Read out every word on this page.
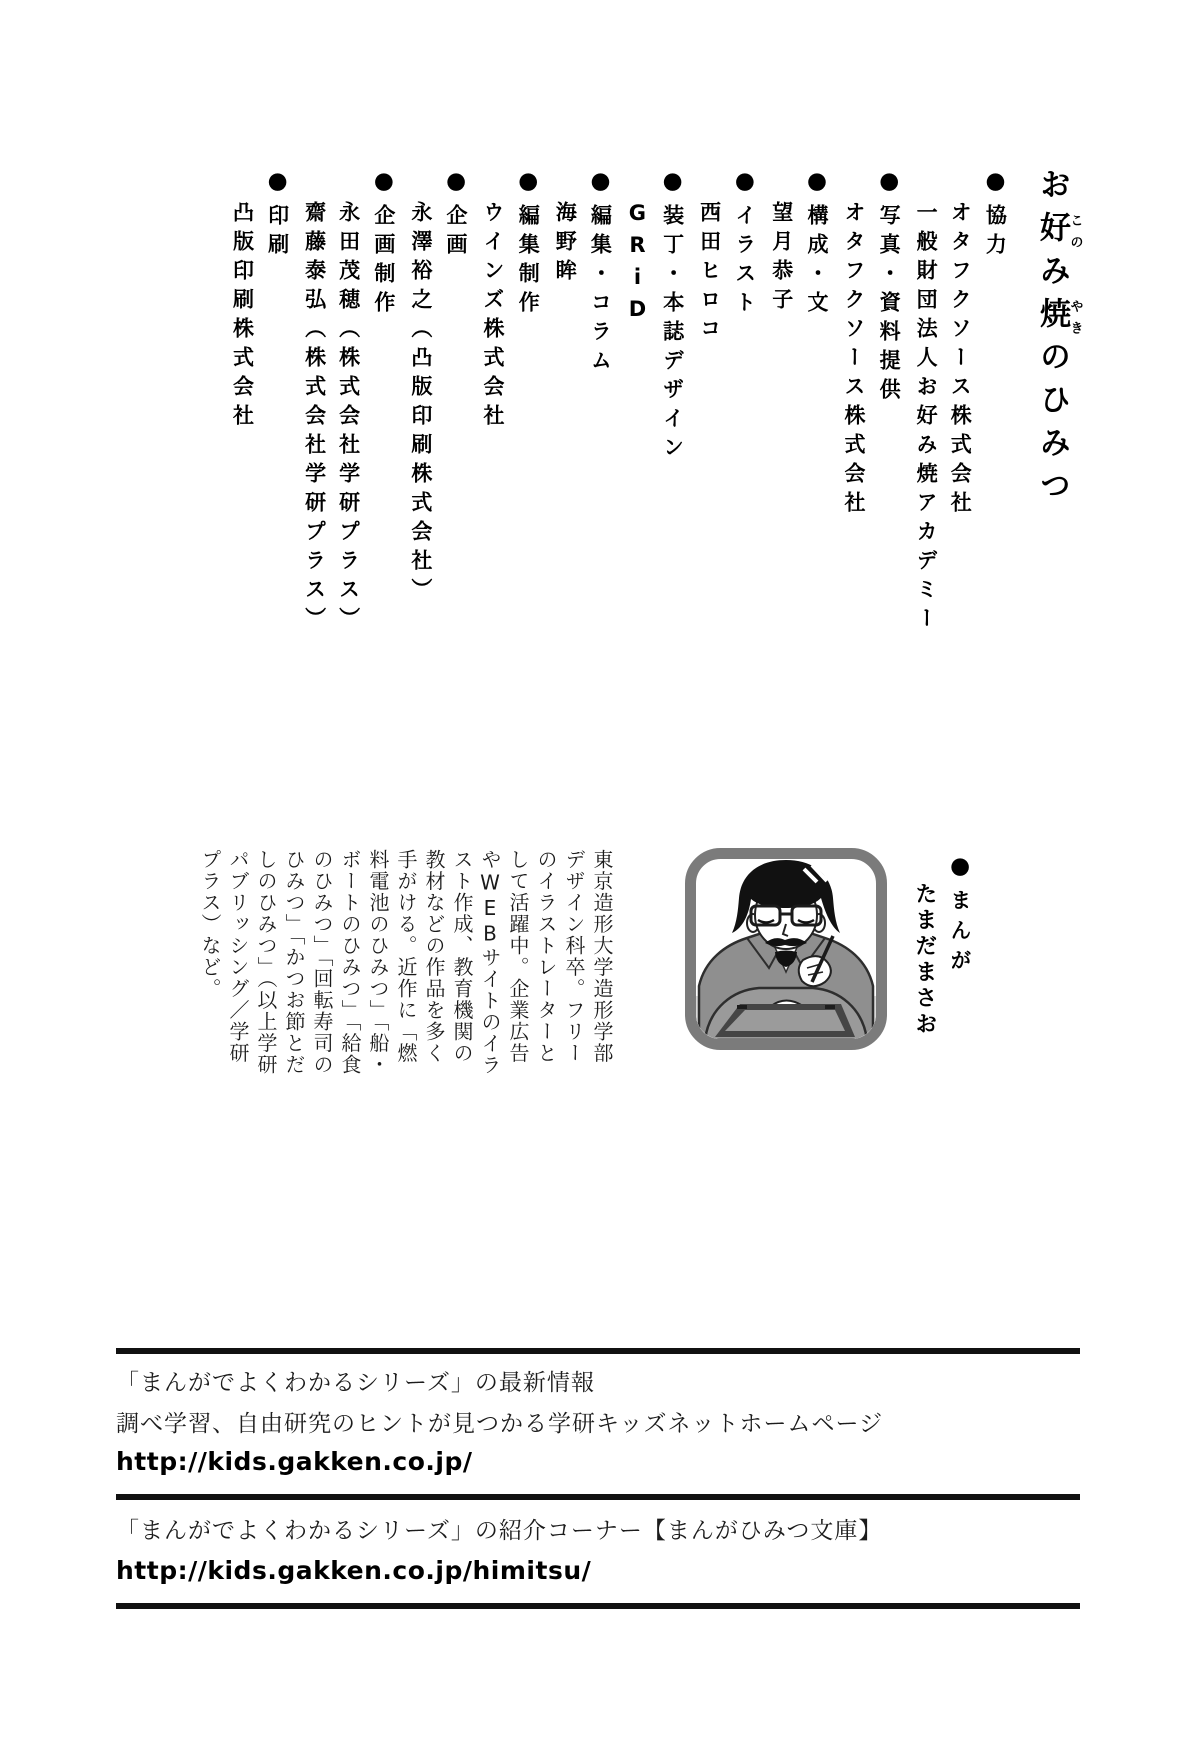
お好このみ焼やきのひみつ
●協力
オタフクソース株式会社
一般財団法人お好み焼アカデミー
●写真・資料提供
オタフクソース株式会社
●構成・文
望月恭子
●イラスト
西田ヒロコ
●装丁・本誌デザイン
GRiD
●編集・コラム
海野眸
●編集制作
ウインズ株式会社
●企画
永澤裕之（凸版印刷株式会社）
●企画制作
永田茂穂（株式会社学研プラス）
齋藤泰弘（株式会社学研プラス）
●印刷
凸版印刷株式会社
●まんが
たまだまさお
東京造形大学造形学部
デザイン科卒。フリー
のイラストレーターと
して活躍中。企業広告
やWEBサイトのイラ
スト作成、教育機関の
教材などの作品を多く
手がける。近作に「燃
料電池のひみつ」「船・
ボートのひみつ」「給食
のひみつ」「回転寿司の
ひみつ」「かつお節とだ
しのひみつ」（以上学研
パブリッシング／学研
プラス）など。
「まんがでよくわかるシリーズ」の最新情報
調べ学習、自由研究のヒントが見つかる学研キッズネットホームページ
http://kids.gakken.co.jp/
「まんがでよくわかるシリーズ」の紹介コーナー【まんがひみつ文庫】
http://kids.gakken.co.jp/himitsu/
